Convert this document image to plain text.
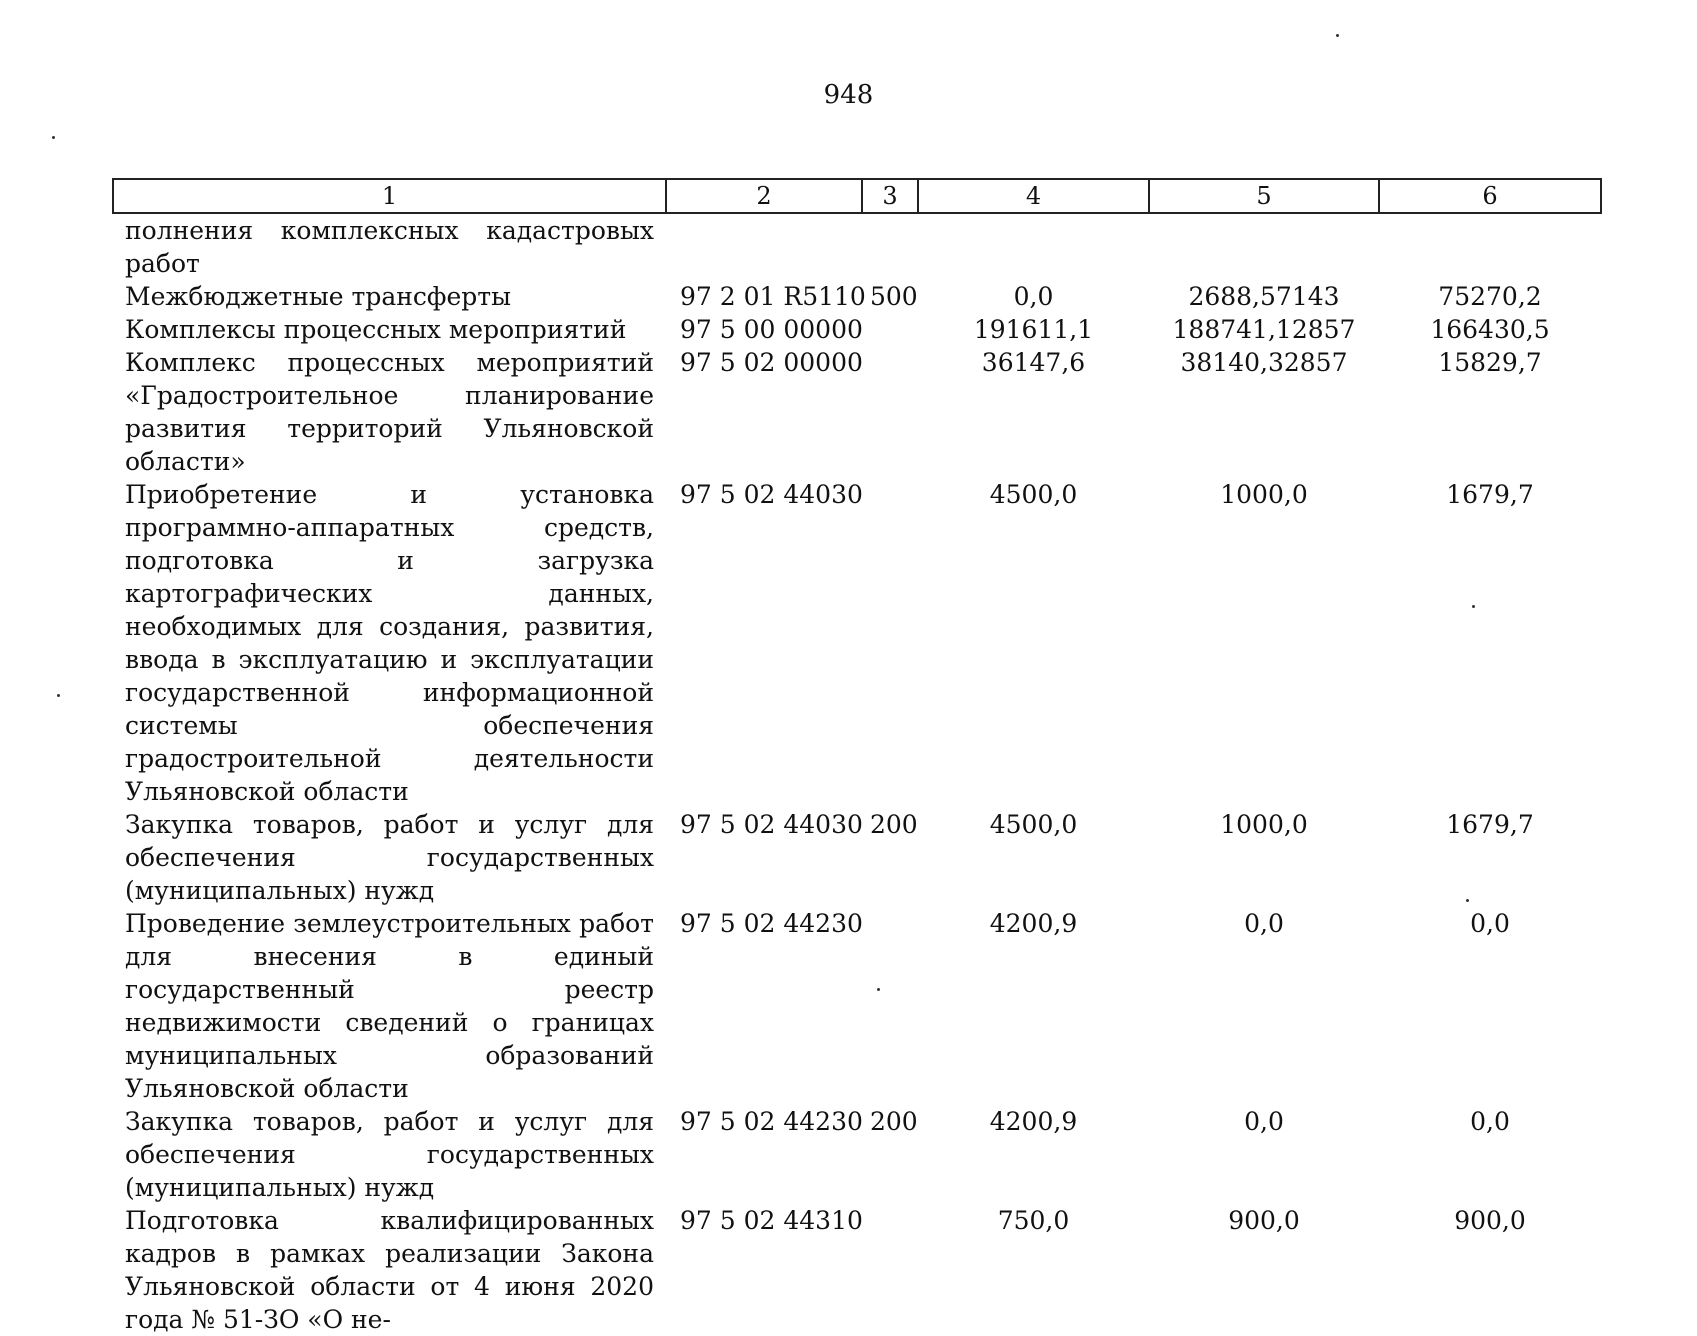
948
1	2	3	4	5	6
полнения комплексных кадастровых работ					
Межбюджетные трансферты	97 2 01 R5110	500	0,0	2688,57143	75270,2
Комплексы процессных мероприятий	97 5 00 00000		191611,1	188741,12857	166430,5
Комплекс процессных мероприятий «Градостроительное планирование развития территорий Ульяновской области»	97 5 02 00000		36147,6	38140,32857	15829,7
Приобретение и установка программно-аппаратных средств, подготовка и загрузка картографических данных, необходимых для создания, развития, ввода в эксплуатацию и эксплуатации государственной информационной системы обеспечения градостроительной деятельности Ульяновской области	97 5 02 44030		4500,0	1000,0	1679,7
Закупка товаров, работ и услуг для обеспечения государственных (муниципальных) нужд	97 5 02 44030	200	4500,0	1000,0	1679,7
Проведение землеустроительных работ для внесения в единый государственный реестр недвижимости сведений о границах муниципальных образований Ульяновской области	97 5 02 44230		4200,9	0,0	0,0
Закупка товаров, работ и услуг для обеспечения государственных (муниципальных) нужд	97 5 02 44230	200	4200,9	0,0	0,0
Подготовка квалифицированных кадров в рамках реализации Закона Ульяновской области от 4 июня 2020 года № 51-ЗО «О не-	97 5 02 44310		750,0	900,0	900,0
